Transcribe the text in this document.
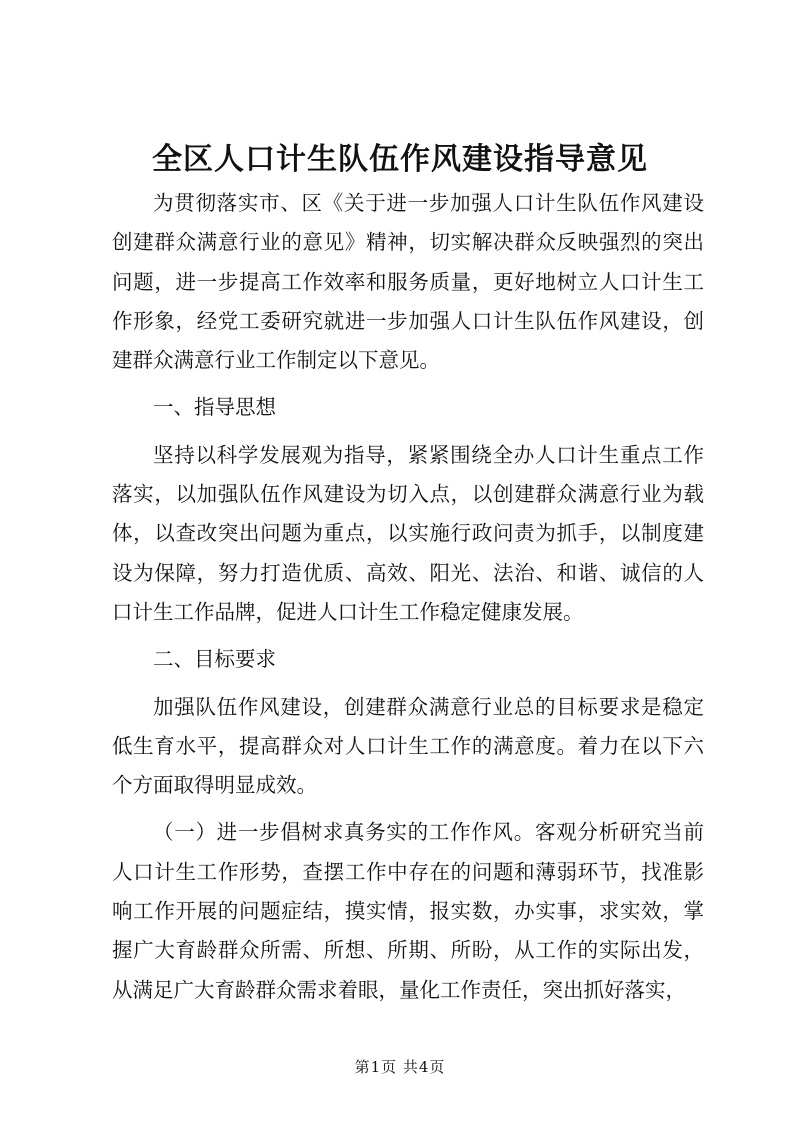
全区人口计生队伍作风建设指导意见

为贯彻落实市、区《关于进一步加强人口计生队伍作风建设创建群众满意行业的意见》精神，切实解决群众反映强烈的突出问题，进一步提高工作效率和服务质量，更好地树立人口计生工作形象，经党工委研究就进一步加强人口计生队伍作风建设，创建群众满意行业工作制定以下意见。

一、指导思想

坚持以科学发展观为指导，紧紧围绕全办人口计生重点工作落实，以加强队伍作风建设为切入点，以创建群众满意行业为载体，以查改突出问题为重点，以实施行政问责为抓手，以制度建设为保障，努力打造优质、高效、阳光、法治、和谐、诚信的人口计生工作品牌，促进人口计生工作稳定健康发展。

二、目标要求

加强队伍作风建设，创建群众满意行业总的目标要求是稳定低生育水平，提高群众对人口计生工作的满意度。着力在以下六个方面取得明显成效。

（一）进一步倡树求真务实的工作作风。客观分析研究当前人口计生工作形势，查摆工作中存在的问题和薄弱环节，找准影响工作开展的问题症结，摸实情，报实数，办实事，求实效，掌握广大育龄群众所需、所想、所期、所盼，从工作的实际出发，从满足广大育龄群众需求着眼，量化工作责任，突出抓好落实，

第1页 共4页
